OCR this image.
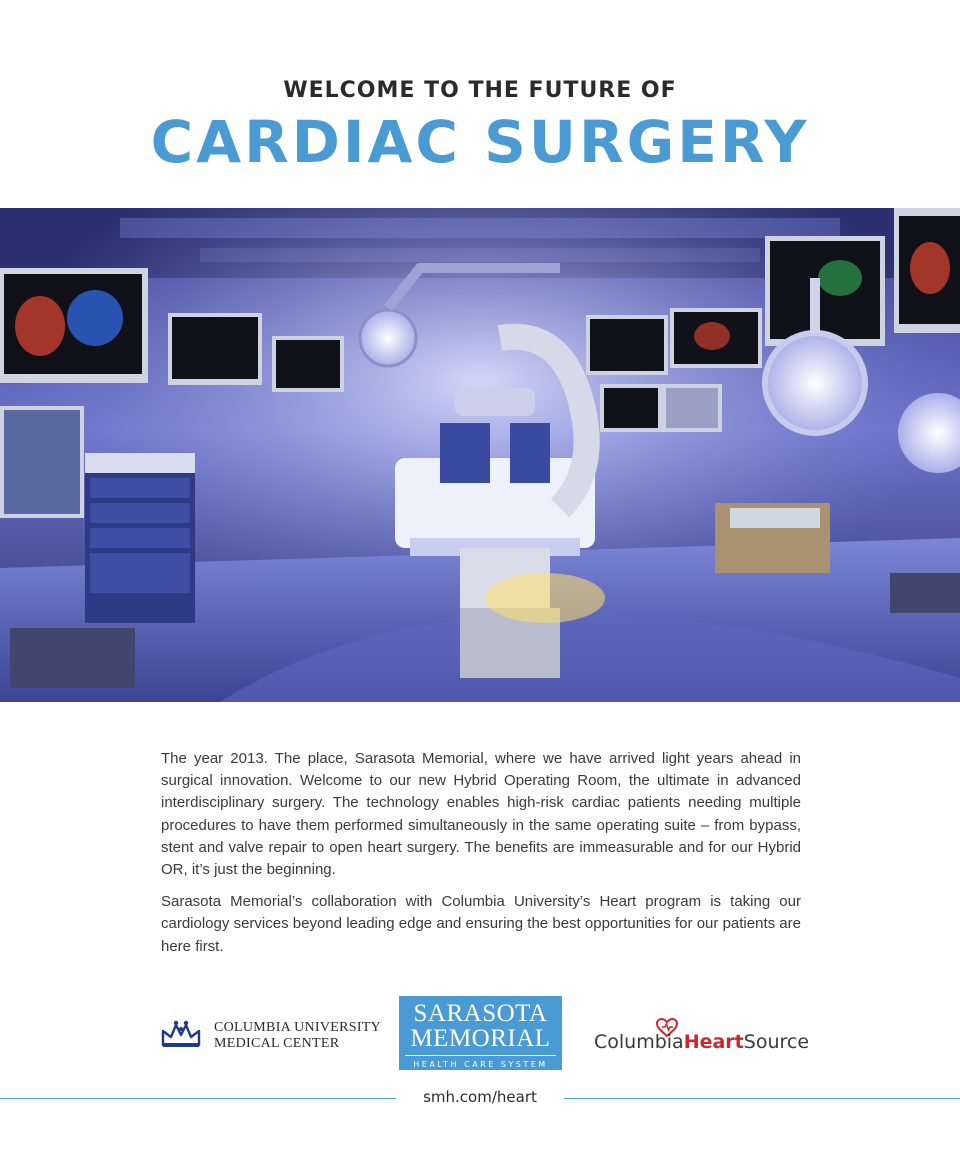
WELCOME TO THE FUTURE OF
CARDIAC SURGERY

The year 2013. The place, Sarasota Memorial, where we have arrived light years ahead in surgical innovation. Welcome to our new Hybrid Operating Room, the ultimate in advanced interdisciplinary surgery. The technology enables high-risk cardiac patients needing multiple procedures to have them performed simultaneously in the same operating suite – from bypass, stent and valve repair to open heart surgery. The benefits are immeasurable and for our Hybrid OR, it’s just the beginning.

Sarasota Memorial’s collaboration with Columbia University’s Heart program is taking our cardiology services beyond leading edge and ensuring the best opportunities for our patients are here first.

COLUMBIA UNIVERSITY
MEDICAL CENTER
SARASOTA
MEMORIAL
HEALTH CARE SYSTEM
ColumbiaHeartSource
smh.com/heart
